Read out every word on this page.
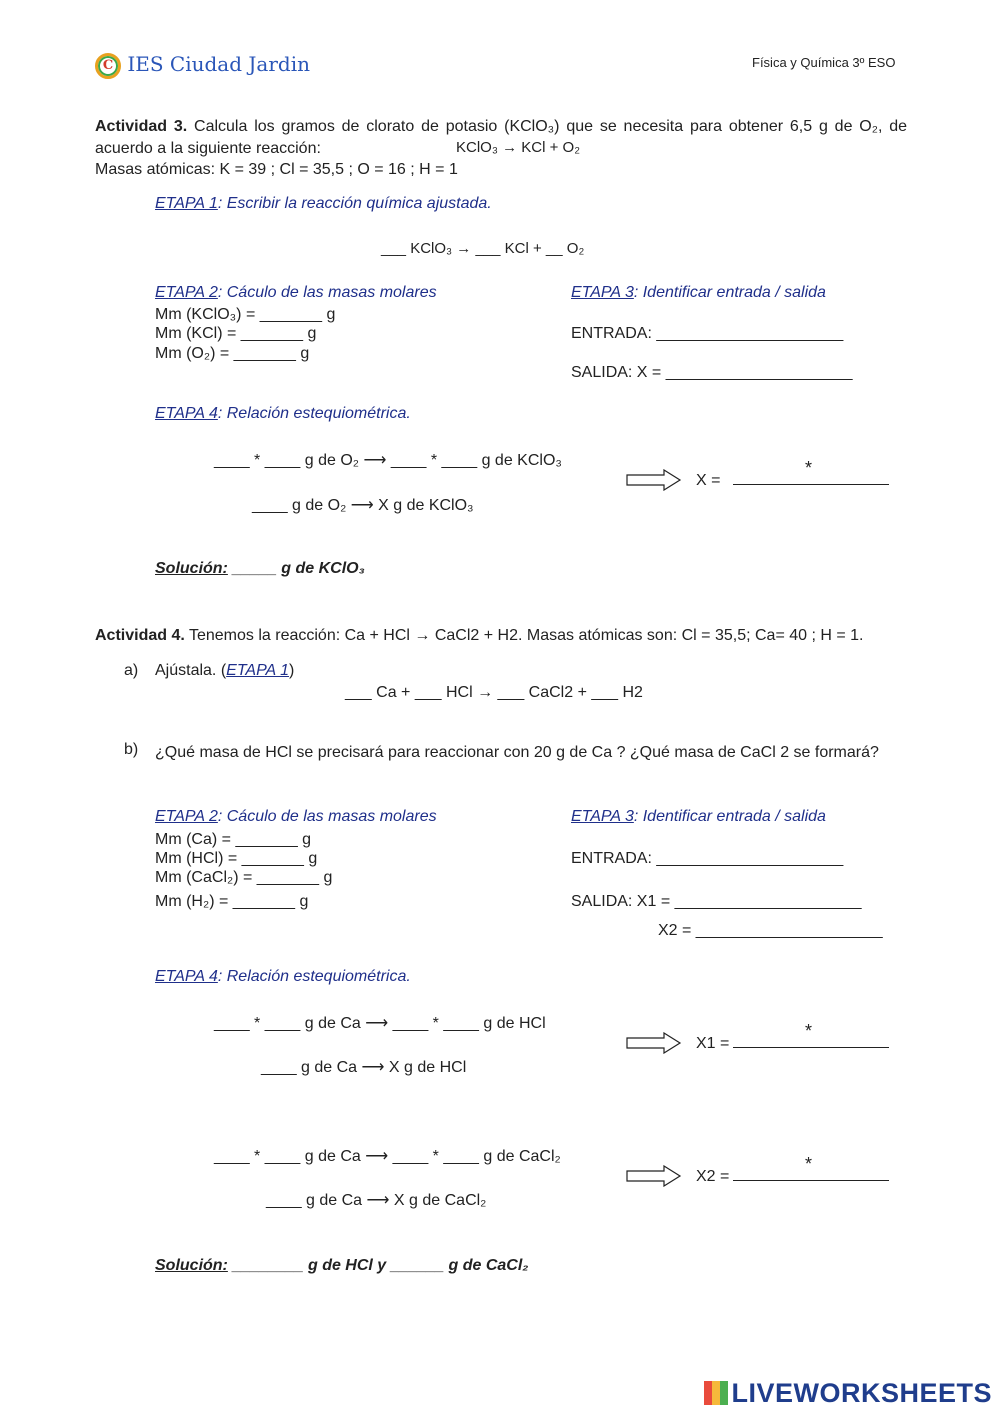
C IES Ciudad Jardin	Física y Química 3º ESO
Actividad 3. Calcula los gramos de clorato de potasio (KClO₃) que se necesita para obtener 6,5 g de O₂, de acuerdo a la siguiente reacción:	KClO₃ → KCl + O₂
Masas atómicas: K = 39 ; Cl = 35,5 ; O = 16 ; H = 1
ETAPA 1: Escribir la reacción química ajustada.
___ KClO₃ → ___ KCl + __ O₂
ETAPA 2: Cáculo de las masas molares
Mm (KClO₃) = _______ g
Mm (KCl) = _______ g
Mm (O₂) = _______ g
ETAPA 3: Identificar entrada / salida
ENTRADA: _____________________
SALIDA: X = _____________________
ETAPA 4: Relación estequiométrica.
____ * ____ g de O₂ ⟶ ____ * ____ g de KClO₃
____ g de O₂ ⟶ X g de KClO₃
X =
*
Solución: _____ g de KClO₃
Actividad 4. Tenemos la reacción: Ca + HCl → CaCl2 + H2. Masas atómicas son: Cl = 35,5; Ca= 40 ; H = 1.
a) Ajústala. (ETAPA 1)
___ Ca + ___ HCl → ___ CaCl2 + ___ H2
b) ¿Qué masa de HCl se precisará para reaccionar con 20 g de Ca ? ¿Qué masa de CaCl 2 se formará?
ETAPA 2: Cáculo de las masas molares
Mm (Ca) = _______ g
Mm (HCl) = _______ g
Mm (CaCl₂) = _______ g
Mm (H₂) = _______ g
ETAPA 3: Identificar entrada / salida
ENTRADA: _____________________
SALIDA: X1 = _____________________
X2 = _____________________
ETAPA 4: Relación estequiométrica.
____ * ____ g de Ca ⟶ ____ * ____ g de HCl
____ g de Ca ⟶ X g de HCl
X1 =
*
____ * ____ g de Ca ⟶ ____ * ____ g de CaCl₂
____ g de Ca ⟶ X g de CaCl₂
X2 =
*
Solución: ________ g de HCl y ______ g de CaCl₂
LIVEWORKSHEETS
